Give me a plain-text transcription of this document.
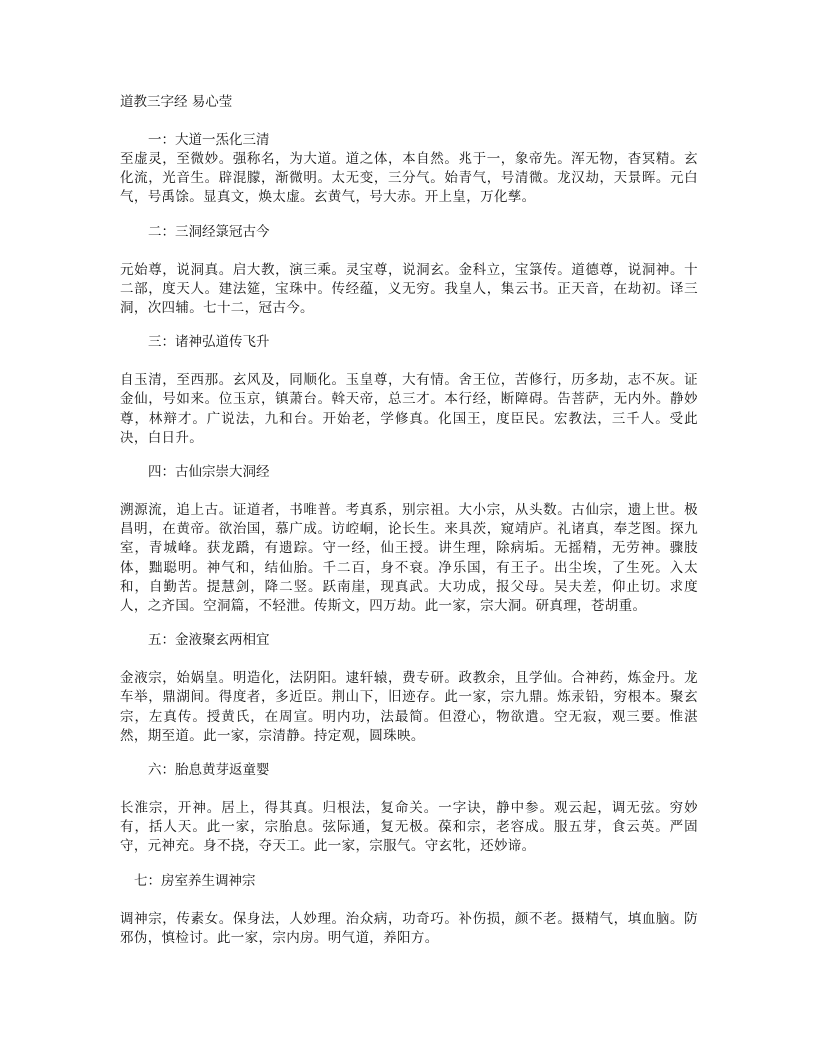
道教三字经 易心莹

一：大道一炁化三清

至虚灵，至微妙。强称名，为大道。道之体，本自然。兆于一，象帝先。浑无物，杳冥精。玄化流，光音生。辟混朦，渐微明。太无变，三分气。始青气，号清微。龙汉劫，天景晖。元白气，号禹馀。显真文，焕太虚。玄黄气，号大赤。开上皇，万化孳。

二：三洞经箓冠古今

元始尊，说洞真。启大教，演三乘。灵宝尊，说洞玄。金科立，宝箓传。道德尊，说洞神。十二部，度天人。建法筵，宝珠中。传经蕴，义无穷。我皇人，集云书。正天音，在劫初。译三洞，次四辅。七十二，冠古今。

三：诸神弘道传飞升

自玉清，至西那。玄风及，同顺化。玉皇尊，大有情。舍王位，苦修行，历多劫，志不灰。证金仙，号如来。位玉京，镇萧台。斡天帝，总三才。本行经，断障碍。告菩萨，无内外。静妙尊，林辩才。广说法，九和台。开始老，学修真。化国王，度臣民。宏教法，三千人。受此决，白日升。

四：古仙宗崇大洞经

溯源流，追上古。证道者，书唯普。考真系，别宗祖。大小宗，从头数。古仙宗，遗上世。极昌明，在黄帝。欲治国，慕广成。访崆峒，论长生。来具茨，窥靖庐。礼诸真，奉芝图。探九室，青城峰。获龙蹻，有遗踪。守一经，仙王授。讲生理，除病垢。无摇精，无劳神。骤肢体，黜聪明。神气和，结仙胎。千二百，身不衰。净乐国，有王子。出尘埃，了生死。入太和，自勤苦。提慧剑，降二竖。跃南崖，现真武。大功成，报父母。吴夫差，仰止切。求度人，之齐国。空洞篇，不轻泄。传斯文，四万劫。此一家，宗大洞。研真理，苍胡重。

五：金液聚玄两相宜

金液宗，始娲皇。明造化，法阴阳。逮轩辕，费专研。政教余，且学仙。合神药，炼金丹。龙车举，鼎湖间。得度者，多近臣。荆山下，旧迹存。此一家，宗九鼎。炼汞铅，穷根本。聚玄宗，左真传。授黄氏，在周宣。明内功，法最简。但澄心，物欲遣。空无寂，观三要。惟湛然，期至道。此一家，宗清静。持定观，圆珠映。

六：胎息黄芽返童婴

长淮宗，开神。居上，得其真。归根法，复命关。一字诀，静中参。观云起，调无弦。穷妙有，括人天。此一家，宗胎息。弦际通，复无极。葆和宗，老容成。服五芽，食云英。严固守，元神充。身不挠，夺天工。此一家，宗服气。守玄牝，还妙谛。

七：房室养生调神宗

调神宗，传素女。保身法，人妙理。治众病，功奇巧。补伤损，颜不老。摄精气，填血脑。防邪伪，慎检讨。此一家，宗内房。明气道，养阳方。
